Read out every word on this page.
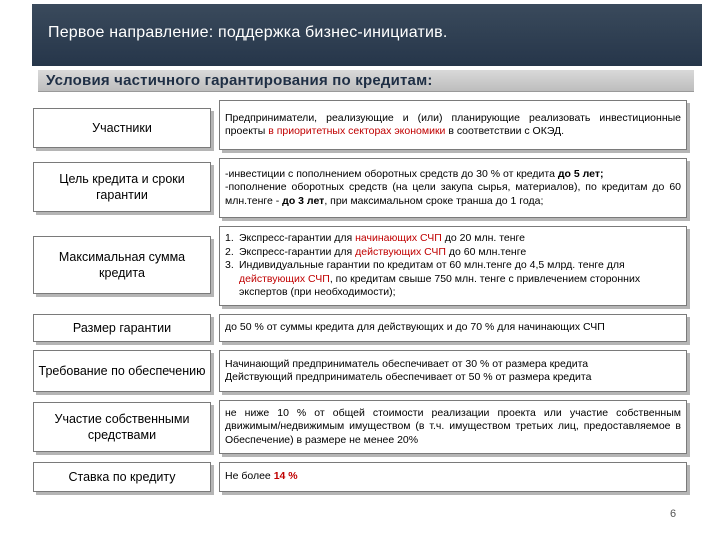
Первое направление: поддержка бизнес-инициатив.
Условия частичного гарантирования по кредитам:
Участники

Предприниматели, реализующие и (или) планирующие реализовать инвестиционные проекты в приоритетных секторах экономики в соответствии с ОКЭД.

Цель кредита и сроки гарантии

-инвестиции с пополнением оборотных средств до 30 % от кредита до 5 лет;

-пополнение оборотных средств (на цели закупа сырья, материалов), по кредитам до 60 млн.тенге - до 3 лет, при максимальном сроке транша до 1 года;

Максимальная сумма кредита
1. Экспресс-гарантии для начинающих СЧП до 20 млн. тенге
2. Экспресс-гарантии для действующих СЧП до 60 млн.тенге
3. Индивидуальные гарантии по кредитам от 60 млн.тенге до 4,5 млрд. тенге для действующих СЧП, по кредитам свыше 750 млн. тенге с привлечением сторонних экспертов (при необходимости);
Размер гарантии	до 50 % от суммы кредита для действующих и до 70 % для начинающих СЧП

Требование по обеспечению

Начинающий предприниматель обеспечивает от 30 % от размера кредита

Действующий предприниматель обеспечивает от 50 % от размера кредита

Участие собственными средствами

не ниже 10 % от общей стоимости реализации проекта или участие собственным движимым/недвижимым имуществом (в т.ч. имуществом третьих лиц, предоставляемое в Обеспечение) в размере не менее 20%

Ставка по кредиту	Не более 14 %

6
